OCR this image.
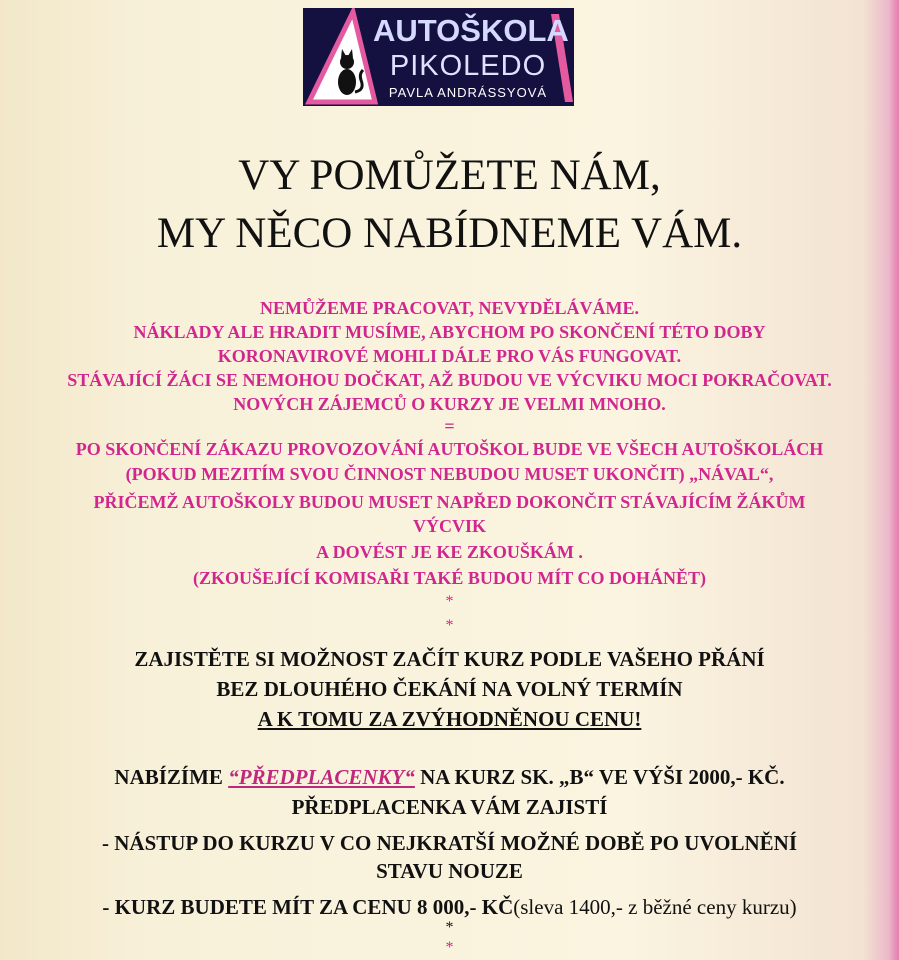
AUTOŠKOLA
PIKOLEDO
PAVLA ANDRÁSSYOVÁ
VY POMŮŽETE NÁM,
MY NĚCO NABÍDNEME VÁM.
NEMŮŽEME PRACOVAT, NEVYDĚLÁVÁME.
NÁKLADY ALE HRADIT MUSÍME, ABYCHOM PO SKONČENÍ TÉTO DOBY
KORONAVIROVÉ MOHLI DÁLE PRO VÁS FUNGOVAT.
STÁVAJÍCÍ ŽÁCI SE NEMOHOU DOČKAT, AŽ BUDOU VE VÝCVIKU MOCI POKRAČOVAT.
NOVÝCH ZÁJEMCŮ O KURZY JE VELMI MNOHO.
=
PO SKONČENÍ ZÁKAZU PROVOZOVÁNÍ AUTOŠKOL BUDE VE VŠECH AUTOŠKOLÁCH
(POKUD MEZITÍM SVOU ČINNOST NEBUDOU MUSET UKONČIT) „NÁVAL“,
PŘIČEMŽ AUTOŠKOLY BUDOU MUSET NAPŘED DOKONČIT STÁVAJÍCÍM ŽÁKŮM
VÝCVIK
A DOVÉST JE KE ZKOUŠKÁM .
(ZKOUŠEJÍCÍ KOMISAŘI TAKÉ BUDOU MÍT CO DOHÁNĚT)
*
*
ZAJISTĚTE SI MOŽNOST ZAČÍT KURZ PODLE VAŠEHO PŘÁNÍ
BEZ DLOUHÉHO ČEKÁNÍ NA VOLNÝ TERMÍN
A K TOMU ZA ZVÝHODNĚNOU CENU!
NABÍZÍME “PŘEDPLACENKY“ NA KURZ SK. „B“ VE VÝŠI 2000,- KČ.
PŘEDPLACENKA VÁM ZAJISTÍ
- NÁSTUP DO KURZU V CO NEJKRATŠÍ MOŽNÉ DOBĚ PO UVOLNĚNÍ
STAVU NOUZE
- KURZ BUDETE MÍT ZA CENU 8 000,- KČ(sleva 1400,- z běžné ceny kurzu)
*
*
